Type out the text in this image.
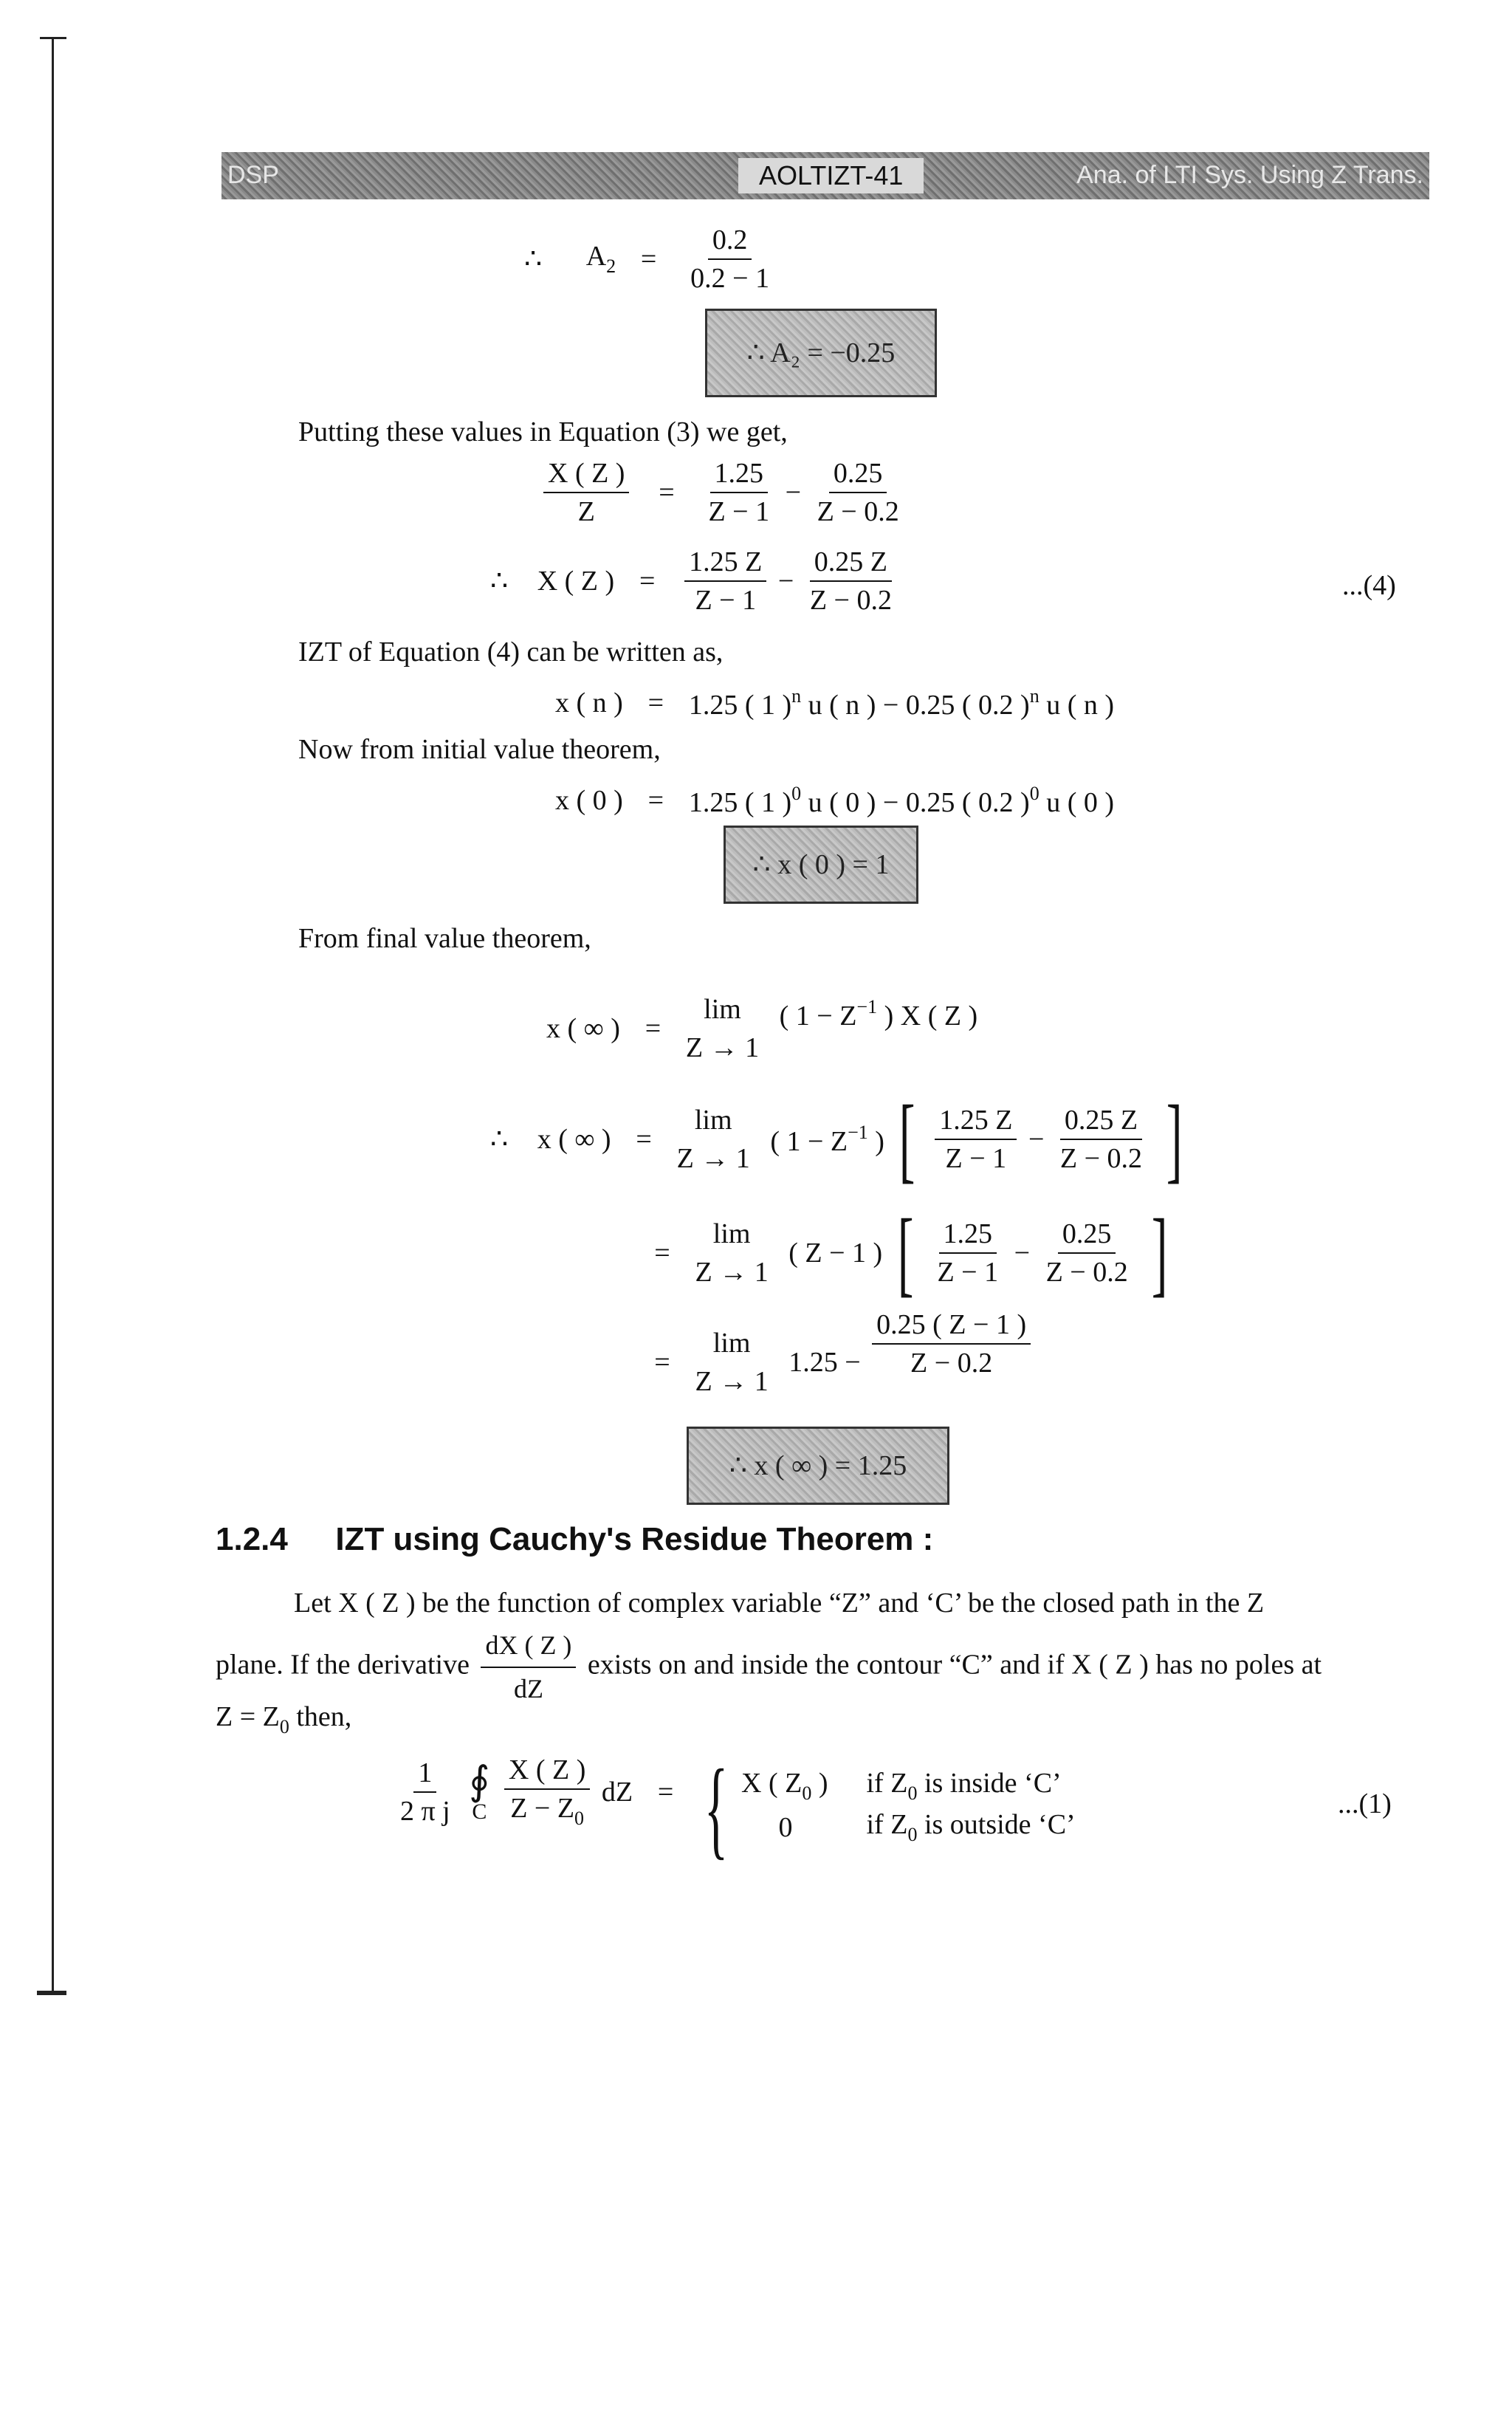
DSP	AOLTIZT-41	Ana. of LTI Sys. Using Z Trans.
∴ $A_2 = \frac{0.2}{0.2 - 1}$
∴ A₂ = −0.25
Putting these values in Equation (3) we get,
$\frac{X ( Z )}{Z} = \frac{1.25}{Z - 1} - \frac{0.25}{Z - 0.2}$
∴ X ( Z ) = $\frac{1.25 Z}{Z - 1} - \frac{0.25 Z}{Z - 0.2}$	...(4)
IZT of Equation (4) can be written as,
x ( n ) = 1.25 ( 1 )$^n$ u ( n ) − 0.25 ( 0.2 )$^n$ u ( n )
Now from initial value theorem,
x ( 0 ) = 1.25 ( 1 )$^0$ u ( 0 ) − 0.25 ( 0.2 )$^0$ u ( 0 )
∴ x ( 0 ) = 1
From final value theorem,
x ( ∞ ) =
lim
Z → 1
( $1 - Z^{-1}$ ) X ( Z )
∴ x ( ∞ ) =
lim
Z → 1
( $1 - Z^{-1}$ ) [ $\frac{1.25 Z}{Z - 1} - \frac{0.25 Z}{Z - 0.2}$ ]
=
lim
Z → 1
( Z − 1 ) [ $\frac{1.25}{Z - 1} - \frac{0.25}{Z - 0.2}$ ]
=
lim
Z → 1
$1.25 - \frac{0.25 ( Z - 1 )}{Z - 0.2}$
∴ x ( ∞ ) = 1.25
1.2.4 IZT using Cauchy's Residue Theorem :
Let X ( Z ) be the function of complex variable “Z” and ‘C’ be the closed path in the Z
plane. If the derivative $\frac{dX ( Z )}{dZ}$ exists on and inside the contour “C” and if X ( Z ) has no poles at
$Z = Z_0$ then,
$\frac{1}{\text{2 π j}}$
∮
C
$\frac{X ( Z )}{Z - Z_0}$ dZ = { X ( $Z_0$ ) if $Z_0$ is inside ‘C’
0	if $Z_0$ is outside ‘C’
...(1)
